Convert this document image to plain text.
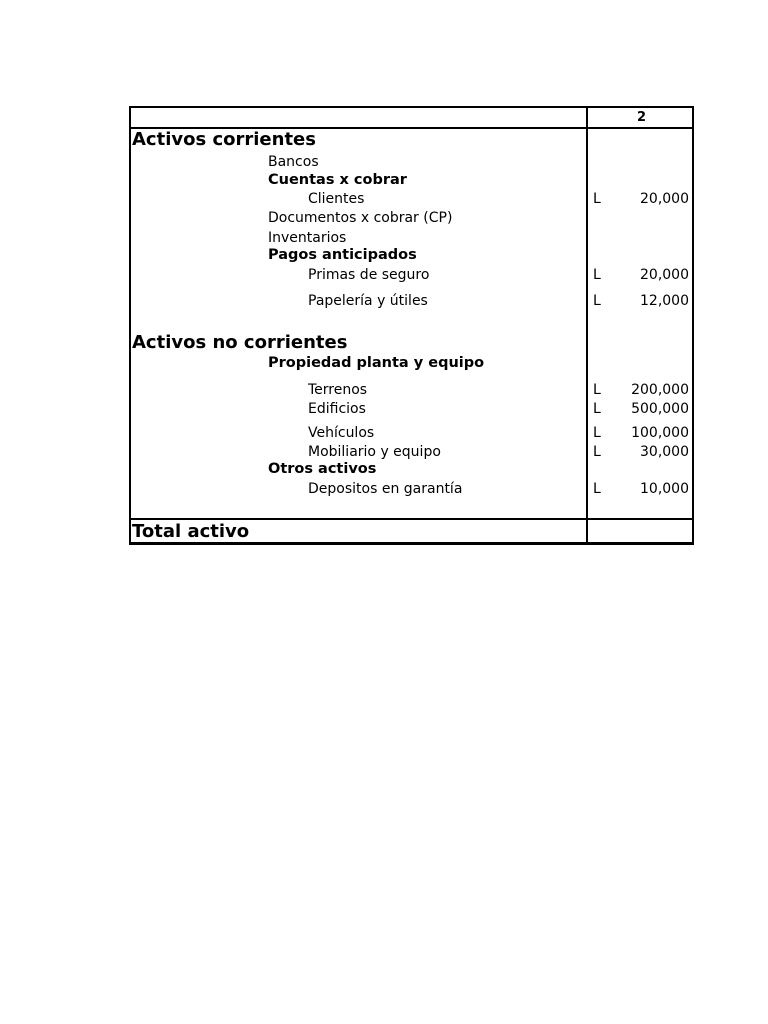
2
Activos corrientes
Bancos
Cuentas x cobrar
Clientes	L	20,000
Documentos x cobrar (CP)
Inventarios
Pagos anticipados
Primas de seguro	L	20,000
Papelería y útiles	L	12,000
Activos no corrientes
Propiedad planta y equipo
Terrenos	L	200,000
Edificios	L	500,000
Vehículos	L	100,000
Mobiliario y equipo	L	30,000
Otros activos
Depositos en garantía	L	10,000
Total activo
